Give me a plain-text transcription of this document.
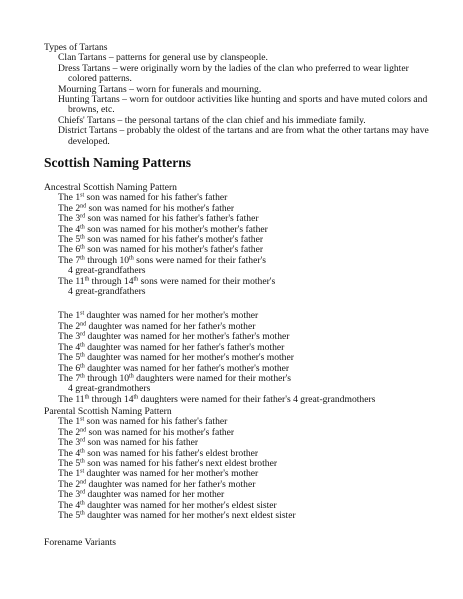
Types of Tartans
Clan Tartans – patterns for general use by clanspeople.
Dress Tartans – were originally worn by the ladies of the clan who preferred to wear lighter colored patterns.
Mourning Tartans – worn for funerals and mourning.
Hunting Tartans – worn for outdoor activities like hunting and sports and have muted colors and browns, etc.
Chiefs' Tartans – the personal tartans of the clan chief and his immediate family.
District Tartans – probably the oldest of the tartans and are from what the other tartans may have developed.
Scottish Naming Patterns
Ancestral Scottish Naming Pattern
The 1st son was named for his father's father
The 2nd son was named for his mother's father
The 3rd son was named for his father's father's father
The 4th son was named for his mother's mother's father
The 5th son was named for his father's mother's father
The 6th son was named for his mother's father's father
The 7th through 10th sons were named for their father's
4 great-grandfathers
The 11th through 14th sons were named for their mother's
4 great-grandfathers
The 1st daughter was named for her mother's mother
The 2nd daughter was named for her father's mother
The 3rd daughter was named for her mother's father's mother
The 4th daughter was named for her father's father's mother
The 5th daughter was named for her mother's mother's mother
The 6th daughter was named for her father's mother's mother
The 7th through 10th daughters were named for their mother's
4 great-grandmothers
The 11th through 14th daughters were named for their father's 4 great-grandmothers
Parental Scottish Naming Pattern
The 1st son was named for his father's father
The 2nd son was named for his mother's father
The 3rd son was named for his father
The 4th son was named for his father's eldest brother
The 5th son was named for his father's next eldest brother
The 1st daughter was named for her mother's mother
The 2nd daughter was named for her father's mother
The 3rd daughter was named for her mother
The 4th daughter was named for her mother's eldest sister
The 5th daughter was named for her mother's next eldest sister
Forename Variants
